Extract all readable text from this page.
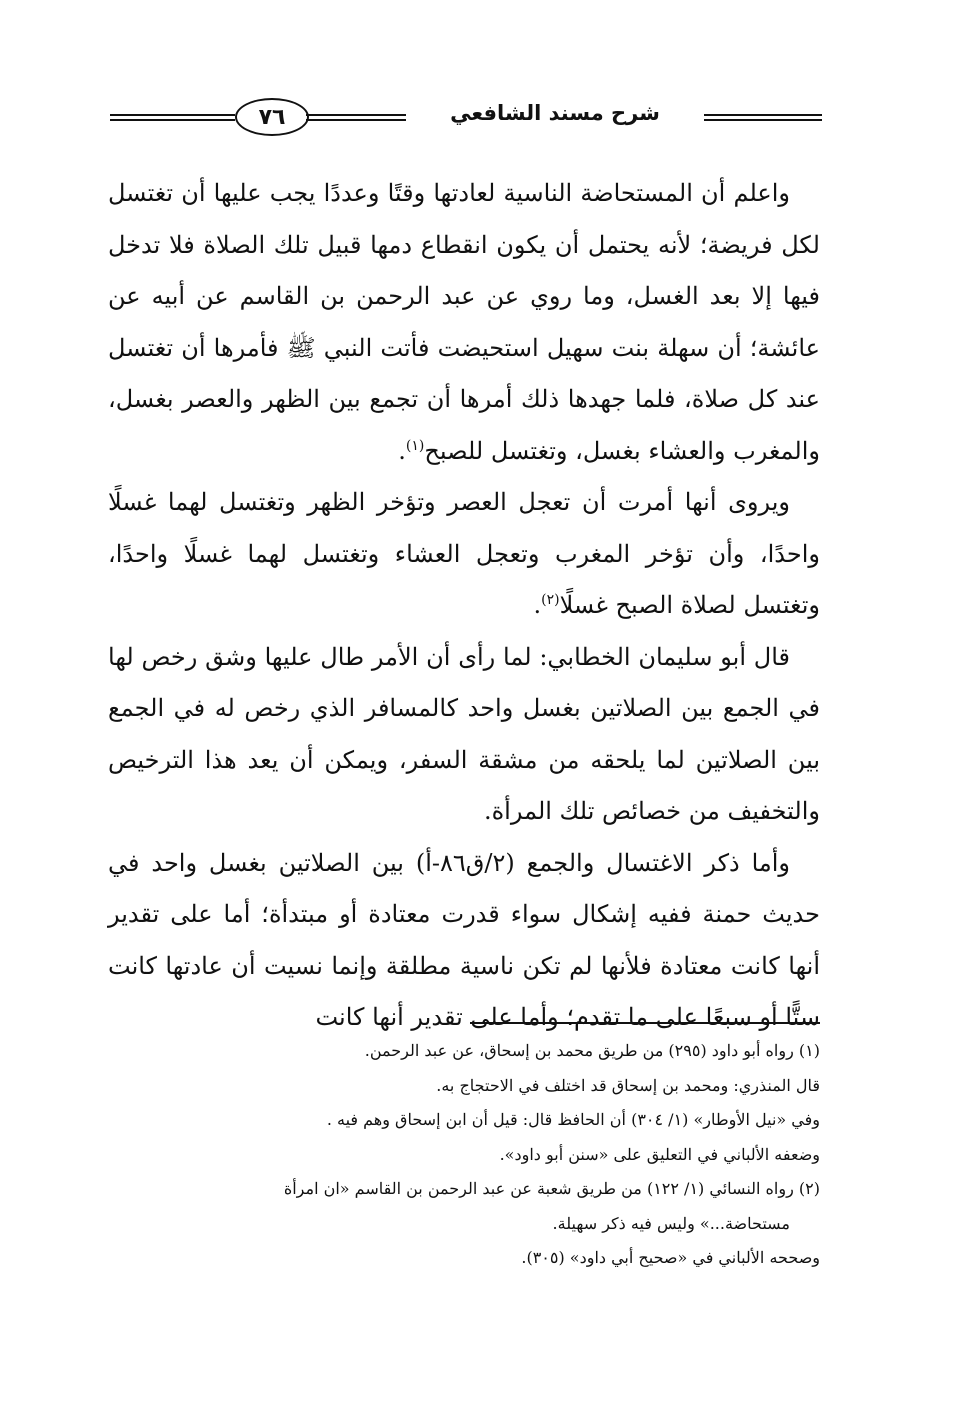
٧٦	شرح مسند الشافعي

واعلم أن المستحاضة الناسية لعادتها وقتًا وعددًا يجب عليها أن تغتسل لكل فريضة؛ لأنه يحتمل أن يكون انقطاع دمها قبيل تلك الصلاة فلا تدخل فيها إلا بعد الغسل، وما روي عن عبد الرحمن بن القاسم عن أبيه عن عائشة؛ أن سهلة بنت سهيل استحيضت فأتت النبي ﷺ فأمرها أن تغتسل عند كل صلاة، فلما جهدها ذلك أمرها أن تجمع بين الظهر والعصر بغسل، والمغرب والعشاء بغسل، وتغتسل للصبح$^{(١)}$.

ويروى أنها أمرت أن تعجل العصر وتؤخر الظهر وتغتسل لهما غسلًا واحدًا، وأن تؤخر المغرب وتعجل العشاء وتغتسل لهما غسلًا واحدًا، وتغتسل لصلاة الصبح غسلًا$^{(٢)}$.

قال أبو سليمان الخطابي: لما رأى أن الأمر طال عليها وشق رخص لها في الجمع بين الصلاتين بغسل واحد كالمسافر الذي رخص له في الجمع بين الصلاتين لما يلحقه من مشقة السفر، ويمكن أن يعد هذا الترخيص والتخفيف من خصائص تلك المرأة.

وأما ذكر الاغتسال والجمع (٢/ق٨٦-أ) بين الصلاتين بغسل واحد في حديث حمنة ففيه إشكال سواء قدرت معتادة أو مبتدأة؛ أما على تقدير أنها كانت معتادة فلأنها لم تكن ناسية مطلقة وإنما نسيت أن عادتها كانت ستًّا أو سبعًا على ما تقدم؛ وأما على تقدير أنها كانت

(١) رواه أبو داود (٢٩٥) من طريق محمد بن إسحاق، عن عبد الرحمن.

قال المنذري: ومحمد بن إسحاق قد اختلف في الاحتجاج به.

وفي «نيل الأوطار» (١/ ٣٠٤) أن الحافظ قال: قيل أن ابن إسحاق وهم فيه .

وضعفه الألباني في التعليق على «سنن أبو داود».

(٢) رواه النسائي (١/ ١٢٢) من طريق شعبة عن عبد الرحمن بن القاسم «ان امرأة

مستحاضة...» وليس فيه ذكر سهيلة.

وصححه الألباني في «صحيح أبي داود» (٣٠٥).
